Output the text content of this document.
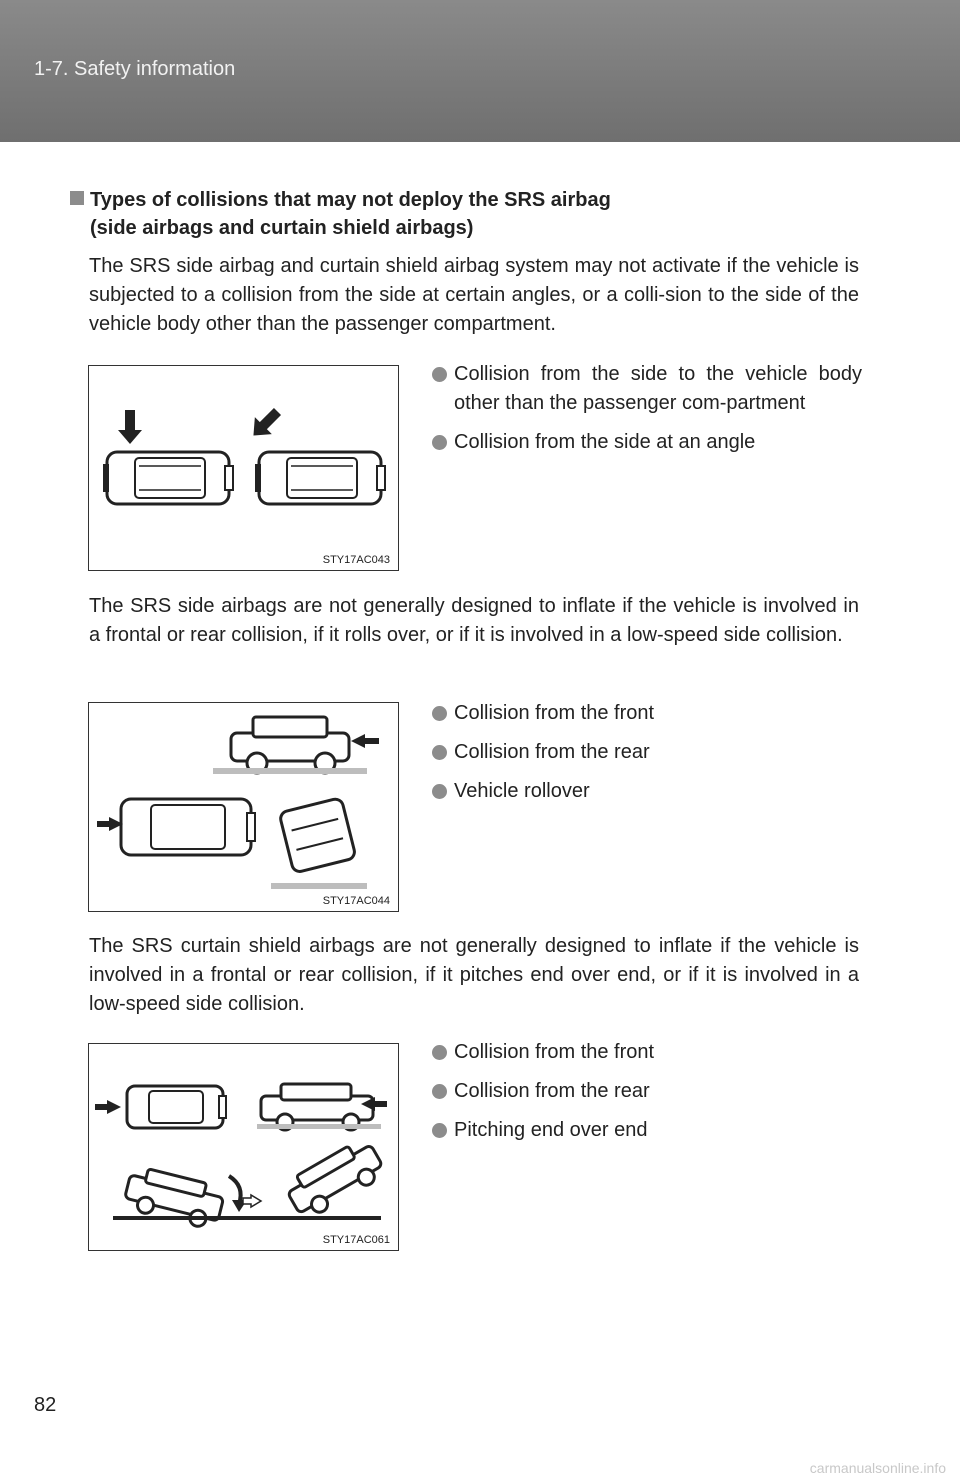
1-7. Safety information
Types of collisions that may not deploy the SRS airbag
(side airbags and curtain shield airbags)
The SRS side airbag and curtain shield airbag system may not activate if the vehicle is subjected to a collision from the side at certain angles, or a colli-sion to the side of the vehicle body other than the passenger compartment.
STY17AC043
Collision from the side to the vehicle body other than the passenger com-partment
Collision from the side at an angle
The SRS side airbags are not generally designed to inflate if the vehicle is involved in a frontal or rear collision, if it rolls over, or if it is involved in a low-speed side collision.
STY17AC044
Collision from the front
Collision from the rear
Vehicle rollover
The SRS curtain shield airbags are not generally designed to inflate if the vehicle is involved in a frontal or rear collision, if it pitches end over end, or if it is involved in a low-speed side collision.
STY17AC061
Collision from the front
Collision from the rear
Pitching end over end
82
carmanualsonline.info
